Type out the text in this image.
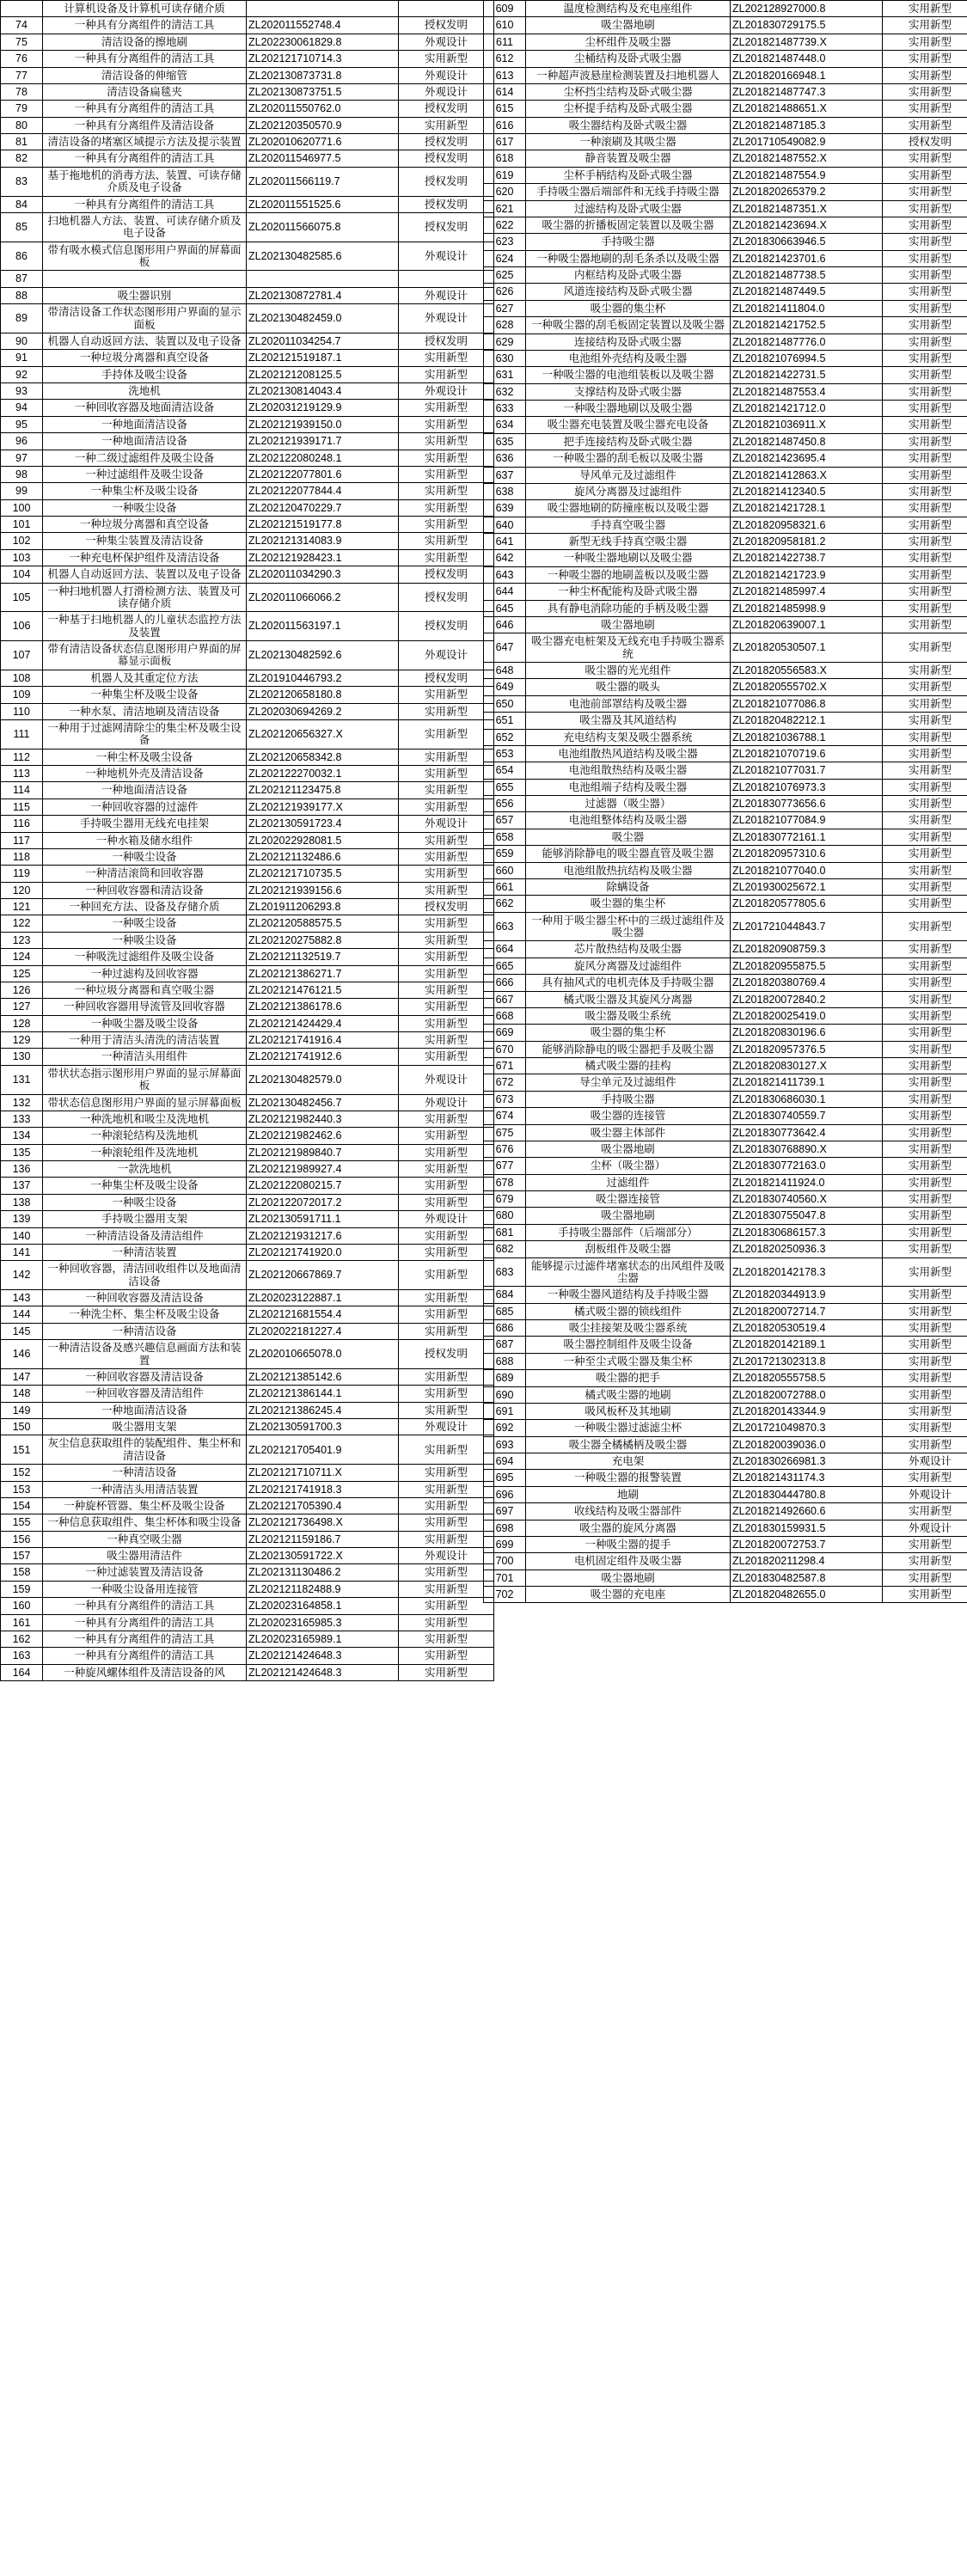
	计算机设备及计算机可读存储介质		
74	一种具有分离组件的清洁工具	ZL202011552748.4	授权发明
75	清洁设备的擦地刷	ZL202230061829.8	外观设计
76	一种具有分离组件的清洁工具	ZL202121710714.3	实用新型
77	清洁设备的伸缩管	ZL202130873731.8	外观设计
78	清洁设备扁毯夹	ZL202130873751.5	外观设计
79	一种具有分离组件的清洁工具	ZL202011550762.0	授权发明
80	一种具有分离组件及清洁设备	ZL202120350570.9	实用新型
81	清洁设备的堵塞区域提示方法及提示装置	ZL202010620771.6	授权发明
82	一种具有分离组件的清洁工具	ZL202011546977.5	授权发明
83	基于拖地机的消毒方法、装置、可读存储介质及电子设备	ZL202011566119.7	授权发明
84	一种具有分离组件的清洁工具	ZL202011551525.6	授权发明
85	扫地机器人方法、装置、可读存储介质及电子设备	ZL202011566075.8	授权发明
86	带有吸水模式信息图形用户界面的屏幕面板	ZL202130482585.6	外观设计
87			
88	吸尘器识别	ZL202130872781.4	外观设计
89	带清洁设备工作状态图形用户界面的显示面板	ZL202130482459.0	外观设计
90	机器人自动返回方法、装置以及电子设备	ZL202011034254.7	授权发明
91	一种垃圾分离器和真空设备	ZL202121519187.1	实用新型
92	手持体及吸尘设备	ZL202121208125.5	实用新型
93	洗地机	ZL202130814043.4	外观设计
94	一种回收容器及地面清洁设备	ZL202031219129.9	实用新型
95	一种地面清洁设备	ZL202121939150.0	实用新型
96	一种地面清洁设备	ZL202121939171.7	实用新型
97	一种二级过滤组件及吸尘设备	ZL202122080248.1	实用新型
98	一种过滤组件及吸尘设备	ZL202122077801.6	实用新型
99	一种集尘杯及吸尘设备	ZL202122077844.4	实用新型
100	一种吸尘设备	ZL202120470229.7	实用新型
101	一种垃圾分离器和真空设备	ZL202121519177.8	实用新型
102	一种集尘装置及清洁设备	ZL202121314083.9	实用新型
103	一种充电杯保护组件及清洁设备	ZL202121928423.1	实用新型
104	机器人自动返回方法、装置以及电子设备	ZL202011034290.3	授权发明
105	一种扫地机器人打滑检测方法、装置及可读存储介质	ZL202011066066.2	授权发明
106	一种基于扫地机器人的儿童状态监控方法及装置	ZL202011563197.1	授权发明
107	带有清洁设备状态信息图形用户界面的屏幕显示面板	ZL202130482592.6	外观设计
108	机器人及其重定位方法	ZL201910446793.2	授权发明
109	一种集尘杯及吸尘设备	ZL202120658180.8	实用新型
110	一种水泵、清洁地刷及清洁设备	ZL202030694269.2	实用新型
111	一种用于过滤网清除尘的集尘杯及吸尘设备	ZL202120656327.X	实用新型
112	一种尘杯及吸尘设备	ZL202120658342.8	实用新型
113	一种地机外壳及清洁设备	ZL202122270032.1	实用新型
114	一种地面清洁设备	ZL202121123475.8	实用新型
115	一种回收容器的过滤件	ZL202121939177.X	实用新型
116	手持吸尘器用无线充电挂架	ZL202130591723.4	外观设计
117	一种水箱及储水组件	ZL202022928081.5	实用新型
118	一种吸尘设备	ZL202121132486.6	实用新型
119	一种清洁滚筒和回收容器	ZL202121710735.5	实用新型
120	一种回收容器和清洁设备	ZL202121939156.6	实用新型
121	一种回充方法、设备及存储介质	ZL201911206293.8	授权发明
122	一种吸尘设备	ZL202120588575.5	实用新型
123	一种吸尘设备	ZL202120275882.8	实用新型
124	一种吸洗过滤组件及吸尘设备	ZL202121132519.7	实用新型
125	一种过滤构及回收容器	ZL202121386271.7	实用新型
126	一种垃圾分离器和真空吸尘器	ZL202121476121.5	实用新型
127	一种回收容器用导流管及回收容器	ZL202121386178.6	实用新型
128	一种吸尘器及吸尘设备	ZL202121424429.4	实用新型
129	一种用于清洁头清洗的清洁装置	ZL202121741916.4	实用新型
130	一种清洁头用组件	ZL202121741912.6	实用新型
131	带状状态指示图形用户界面的显示屏幕面板	ZL202130482579.0	外观设计
132	带状态信息图形用户界面的显示屏幕面板	ZL202130482456.7	外观设计
133	一种洗地机和吸尘及洗地机	ZL202121982440.3	实用新型
134	一种滚轮结构及洗地机	ZL202121982462.6	实用新型
135	一种滚轮组件及洗地机	ZL202121989840.7	实用新型
136	一款洗地机	ZL202121989927.4	实用新型
137	一种集尘杯及吸尘设备	ZL202122080215.7	实用新型
138	一种吸尘设备	ZL202122072017.2	实用新型
139	手持吸尘器用支架	ZL202130591711.1	外观设计
140	一种清洁设备及清洁组件	ZL202121931217.6	实用新型
141	一种清洁装置	ZL202121741920.0	实用新型
142	一种回收容器，清洁回收组件以及地面清洁设备	ZL202120667869.7	实用新型
143	一种回收容器及清洁设备	ZL202023122887.1	实用新型
144	一种洗尘杯、集尘杯及吸尘设备	ZL202121681554.4	实用新型
145	一种清洁设备	ZL202022181227.4	实用新型
146	一种清洁设备及感兴趣信息画面方法和装置	ZL202010665078.0	授权发明
147	一种回收容器及清洁设备	ZL202121385142.6	实用新型
148	一种回收容器及清洁组件	ZL202121386144.1	实用新型
149	一种地面清洁设备	ZL202121386245.4	实用新型
150	吸尘器用支架	ZL202130591700.3	外观设计
151	灰尘信息获取组件的装配组件、集尘杯和清洁设备	ZL202121705401.9	实用新型
152	一种清洁设备	ZL202121710711.X	实用新型
153	一种清洁头用清洁装置	ZL202121741918.3	实用新型
154	一种旋杯管器、集尘杯及吸尘设备	ZL202121705390.4	实用新型
155	一种信息获取组件、集尘杯体和吸尘设备	ZL202121736498.X	实用新型
156	一种真空吸尘器	ZL202121159186.7	实用新型
157	吸尘器用清洁件	ZL202130591722.X	外观设计
158	一种过滤装置及清洁设备	ZL202131130486.2	实用新型
159	一种吸尘设备用连接管	ZL202121182488.9	实用新型
160	一种具有分离组件的清洁工具	ZL202023164858.1	实用新型
161	一种具有分离组件的清洁工具	ZL202023165985.3	实用新型
162	一种具有分离组件的清洁工具	ZL202023165989.1	实用新型
163	一种具有分离组件的清洁工具	ZL202121424648.3	实用新型
164	一种旋风螺体组件及清洁设备的风	ZL202121424648.3	实用新型
609	温度检测结构及充电座组件	ZL202128927000.8	实用新型
610	吸尘器地刷	ZL201830729175.5	实用新型
611	尘杯组件及吸尘器	ZL201821487739.X	实用新型
612	尘桶结构及卧式吸尘器	ZL201821487448.0	实用新型
613	一种超声波悬崖检测装置及扫地机器人	ZL201820166948.1	实用新型
614	尘杯挡尘结构及卧式吸尘器	ZL201821487747.3	实用新型
615	尘杯提手结构及卧式吸尘器	ZL201821488651.X	实用新型
616	吸尘器结构及卧式吸尘器	ZL201821487185.3	实用新型
617	一种滚刷及其吸尘器	ZL201710549082.9	授权发明
618	静音装置及吸尘器	ZL201821487552.X	实用新型
619	尘杯手柄结构及卧式吸尘器	ZL201821487554.9	实用新型
620	手持吸尘器后端部件和无线手持吸尘器	ZL201820265379.2	实用新型
621	过滤结构及卧式吸尘器	ZL201821487351.X	实用新型
622	吸尘器的折播板固定装置以及吸尘器	ZL201821423694.X	实用新型
623	手持吸尘器	ZL201830663946.5	实用新型
624	一种吸尘器地刷的刮毛条杀以及吸尘器	ZL201821423701.6	实用新型
625	内框结构及卧式吸尘器	ZL201821487738.5	实用新型
626	风道连接结构及卧式吸尘器	ZL201821487449.5	实用新型
627	吸尘器的集尘杯	ZL201821411804.0	实用新型
628	一种吸尘器的刮毛板固定装置以及吸尘器	ZL201821421752.5	实用新型
629	连接结构及卧式吸尘器	ZL201821487776.0	实用新型
630	电池组外壳结构及吸尘器	ZL201821076994.5	实用新型
631	一种吸尘器的电池组装板以及吸尘器	ZL201821422731.5	实用新型
632	支撑结构及卧式吸尘器	ZL201821487553.4	实用新型
633	一种吸尘器地刷以及吸尘器	ZL201821421712.0	实用新型
634	吸尘器充电装置及吸尘器充电设备	ZL201821036911.X	实用新型
635	把手连接结构及卧式吸尘器	ZL201821487450.8	实用新型
636	一种吸尘器的刮毛板以及吸尘器	ZL201821423695.4	实用新型
637	导风单元及过滤组件	ZL201821412863.X	实用新型
638	旋风分离器及过滤组件	ZL201821412340.5	实用新型
639	吸尘器地刷的防撞座板以及吸尘器	ZL201821421728.1	实用新型
640	手持真空吸尘器	ZL201820958321.6	实用新型
641	新型无线手持真空吸尘器	ZL201820958181.2	实用新型
642	一种吸尘器地刷以及吸尘器	ZL201821422738.7	实用新型
643	一种吸尘器的地刷盖板以及吸尘器	ZL201821421723.9	实用新型
644	一种尘杯配能构及卧式吸尘器	ZL201821485997.4	实用新型
645	具有静电消除功能的手柄及吸尘器	ZL201821485998.9	实用新型
646	吸尘器地刷	ZL201820639007.1	实用新型
647	吸尘器充电桩架及无线充电手持吸尘器系统	ZL201820530507.1	实用新型
648	吸尘器的光光组件	ZL201820556583.X	实用新型
649	吸尘器的吸头	ZL201820555702.X	实用新型
650	电池前部罩结构及吸尘器	ZL201821077086.8	实用新型
651	吸尘器及其风道结构	ZL201820482212.1	实用新型
652	充电结构支架及吸尘器系统	ZL201821036788.1	实用新型
653	电池组散热风道结构及吸尘器	ZL201821070719.6	实用新型
654	电池组散热结构及吸尘器	ZL201821077031.7	实用新型
655	电池组端子结构及吸尘器	ZL201821076973.3	实用新型
656	过滤器（吸尘器）	ZL201830773656.6	实用新型
657	电池组整体结构及吸尘器	ZL201821077084.9	实用新型
658	吸尘器	ZL201830772161.1	实用新型
659	能够消除静电的吸尘器直管及吸尘器	ZL201820957310.6	实用新型
660	电池组散热抗结构及吸尘器	ZL201821077040.0	实用新型
661	除螨设备	ZL201930025672.1	实用新型
662	吸尘器的集尘杯	ZL201820577805.6	实用新型
663	一种用于吸尘器尘杯中的三级过滤组件及吸尘器	ZL201721044843.7	实用新型
664	芯片散热结构及吸尘器	ZL201820908759.3	实用新型
665	旋风分离器及过滤组件	ZL201820955875.5	实用新型
666	具有抽风式的电机壳体及手持吸尘器	ZL201820380769.4	实用新型
667	橘式吸尘器及其旋风分离器	ZL201820072840.2	实用新型
668	吸尘器及吸尘系统	ZL201820025419.0	实用新型
669	吸尘器的集尘杯	ZL201820830196.6	实用新型
670	能够消除静电的吸尘器把手及吸尘器	ZL201820957376.5	实用新型
671	橘式吸尘器的挂构	ZL201820830127.X	实用新型
672	导尘单元及过滤组件	ZL201821411739.1	实用新型
673	手持吸尘器	ZL201830686030.1	实用新型
674	吸尘器的连接管	ZL201830740559.7	实用新型
675	吸尘器主体部件	ZL201830773642.4	实用新型
676	吸尘器地刷	ZL201830768890.X	实用新型
677	尘杯（吸尘器）	ZL201830772163.0	实用新型
678	过滤组件	ZL201821411924.0	实用新型
679	吸尘器连接管	ZL201830740560.X	实用新型
680	吸尘器地刷	ZL201830755047.8	实用新型
681	手持吸尘器部件（后端部分）	ZL201830686157.3	实用新型
682	刮板组件及吸尘器	ZL201820250936.3	实用新型
683	能够提示过滤件堵塞状态的出风组件及吸尘器	ZL201820142178.3	实用新型
684	一种吸尘器风道结构及手持吸尘器	ZL201820344913.9	实用新型
685	橘式吸尘器的锁线组件	ZL201820072714.7	实用新型
686	吸尘挂接架及吸尘器系统	ZL201820530519.4	实用新型
687	吸尘器控制组件及吸尘设备	ZL201820142189.1	实用新型
688	一种至尘式吸尘器及集尘杯	ZL201721302313.8	实用新型
689	吸尘器的把手	ZL201820555758.5	实用新型
690	橘式吸尘器的地刷	ZL201820072788.0	实用新型
691	吸风板杯及其地刷	ZL201820143344.9	实用新型
692	一种吸尘器过滤滤尘杯	ZL201721049870.3	实用新型
693	吸尘器全橘橘柄及吸尘器	ZL201820039036.0	实用新型
694	充电架	ZL201830266981.3	外观设计
695	一种吸尘器的报警装置	ZL201821431174.3	实用新型
696	地刷	ZL201830444780.8	外观设计
697	收线结构及吸尘器部件	ZL201821492660.6	实用新型
698	吸尘器的旋风分离器	ZL201830159931.5	外观设计
699	一种吸尘器的提手	ZL201820072753.7	实用新型
700	电机固定组件及吸尘器	ZL201820211298.4	实用新型
701	吸尘器地刷	ZL201830482587.8	实用新型
702	吸尘器的充电座	ZL201820482655.0	实用新型
